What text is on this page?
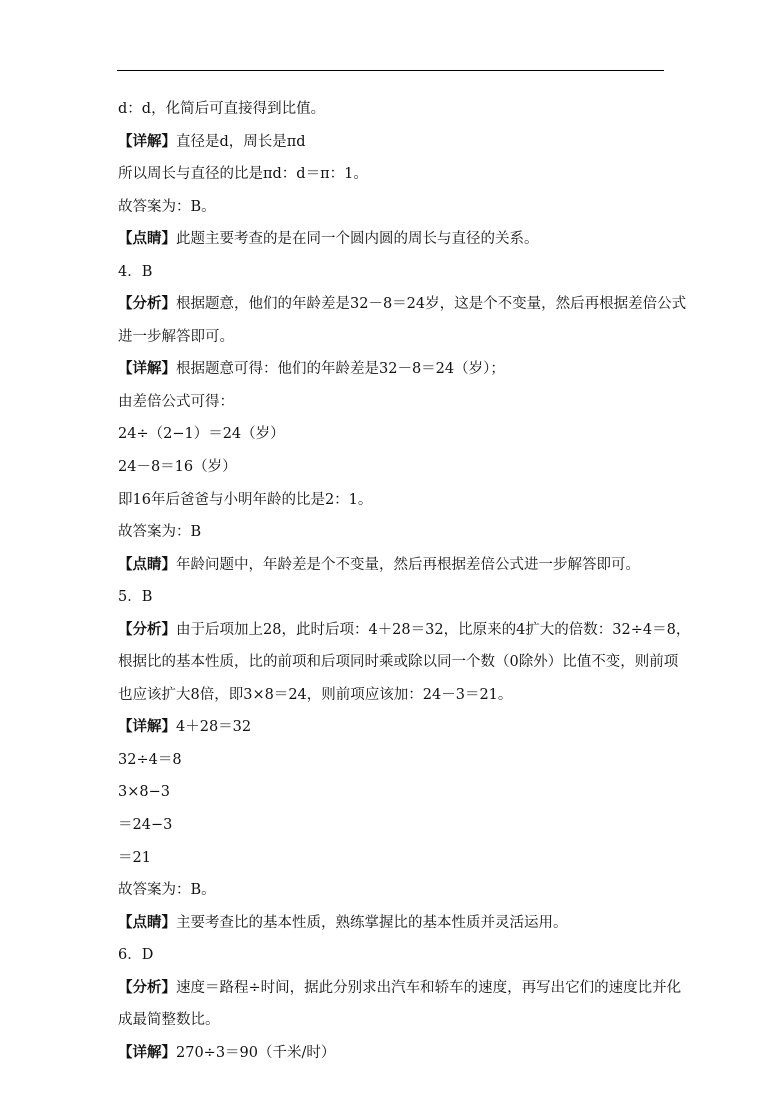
d：d，化简后可直接得到比值。
【详解】直径是d，周长是πd
所以周长与直径的比是πd：d＝π：1。
故答案为：B。
【点睛】此题主要考查的是在同一个圆内圆的周长与直径的关系。
4．B
【分析】根据题意，他们的年龄差是32－8＝24岁，这是个不变量，然后再根据差倍公式
进一步解答即可。
【详解】根据题意可得：他们的年龄差是32－8＝24（岁）；
由差倍公式可得：
24÷（2−1）＝24（岁）
24－8＝16（岁）
即16年后爸爸与小明年龄的比是2：1。
故答案为：B
【点睛】年龄问题中，年龄差是个不变量，然后再根据差倍公式进一步解答即可。
5．B
【分析】由于后项加上28，此时后项：4＋28＝32，比原来的4扩大的倍数：32÷4＝8，
根据比的基本性质，比的前项和后项同时乘或除以同一个数（0除外）比值不变，则前项
也应该扩大8倍，即3×8＝24，则前项应该加：24－3＝21。
【详解】4＋28＝32
32÷4＝8
3×8−3
＝24−3
＝21
故答案为：B。
【点睛】主要考查比的基本性质，熟练掌握比的基本性质并灵活运用。
6．D
【分析】速度＝路程÷时间，据此分别求出汽车和轿车的速度，再写出它们的速度比并化
成最简整数比。
【详解】270÷3＝90（千米/时）
